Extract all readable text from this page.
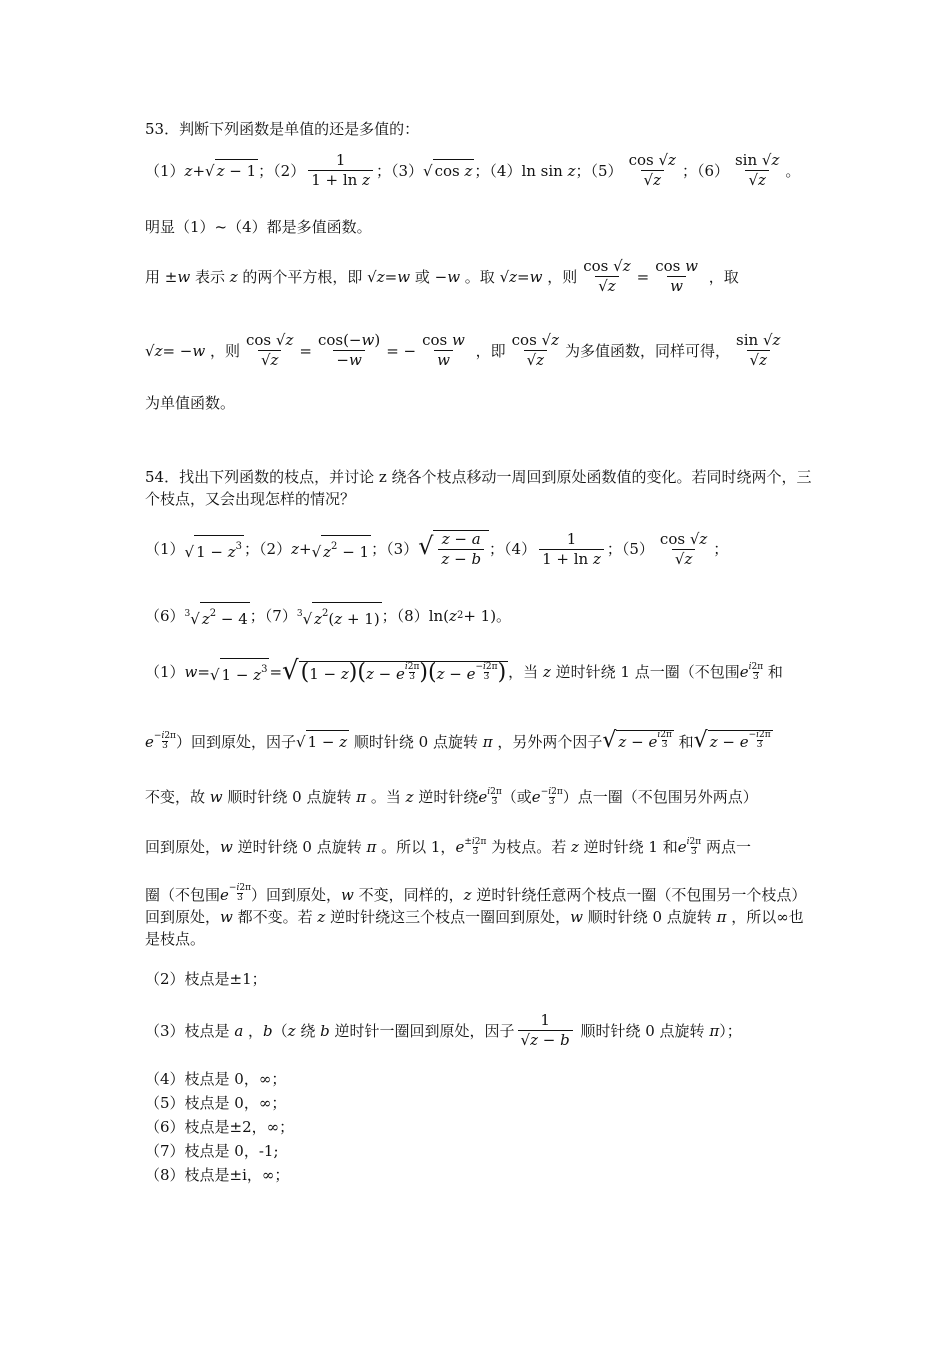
53．判断下列函数是单值的还是多值的：
（1） z + √ z − 1 ；$(2) \frac{1}{\text{1 + ln z}}$ ；（3） √ cos z ；（4）ln sin z；$(5) \frac{\cos √z}{√z}$ ；$(6) \frac{\sin √z}{√z}$ 。
明显（1）~（4）都是多值函数。
用 ± w 表示 z 的两个平方根，即 √ z = w 或 − w 。取 √ z = w ，则 $\frac{\cos √z}{√z} = \frac{\text{cos w}}{w}$ ，取
√ z = − w ，则 $\frac{\cos √z}{√z} = \frac{\cos(-w)}{-w}$ = − $\frac{\text{cos w}}{w}$ ，即 $\frac{\cos √z}{√z}$ 为多值函数，同样可得， $\frac{\sin √z}{√z}$
为单值函数。
54．找出下列函数的枝点，并讨论 z 绕各个枝点移动一周回到原处函数值的变化。若同时绕两个，三个枝点，又会出现怎样的情况？
（1） √ $1 - z^3$ ；（2） z + √ $z^2 - 1$ ；（3） √ $\frac{z - a}{z - b}$ ；$(4) \frac{1}{\text{1 + ln z}}$ ；$(5) \frac{\cos √z}{√z}$ ；
（6） $^3$√ $z^2 - 4$ ；（7） $^3$√ $z^2(z + 1)$ ；（8）ln( z 2 + 1)。
（1） w = √ $1 - z^3 = √(1 - z)(z - e \frac{i2\pi}{3} )(z - e \frac{-i2\pi}{3}$ ) ，当 z 逆时针绕 1 点一圈（不包围 e $\frac{i2\pi}{3}$ 和
e $\frac{-i2\pi}{3}$ ）回到原处，因子 √ 1 − z 顺时针绕 0 点旋转 π ，另外两个因子 √ z − e $\frac{i2\pi}{3}$ 和 √ z − e $\frac{-i2\pi}{3}$
不变，故 w 顺时针绕 0 点旋转 π 。当 z 逆时针绕 e $\frac{i2\pi}{3}$ （或 e $\frac{-i2\pi}{3}$ ）点一圈（不包围另外两点）
回到原处， w 逆时针绕 0 点旋转 π 。所以 1， e $\frac{\pm i2\pi}{3}$ 为枝点。若 z 逆时针绕 1 和 e $\frac{i2\pi}{3}$ 两点一
圈（不包围e $\frac{-i2\pi}{3}$ ）回到原处，w 不变，同样的，z 逆时针绕任意两个枝点一圈（不包围另一个枝点）回到原处，w 都不变。若 z 逆时针绕这三个枝点一圈回到原处，w 顺时针绕 0 点旋转 π ，所以∞也是枝点。
（2）枝点是±1；
（3）枝点是 a ， b （ z 绕 b 逆时针一圈回到原处，因子 $\frac{1}{√z - b}$ 顺时针绕 0 点旋转 π ）；
（4）枝点是 0，∞；
（5）枝点是 0，∞；
（6）枝点是±2，∞；
（7）枝点是 0，-1;
（8）枝点是±i，∞；
